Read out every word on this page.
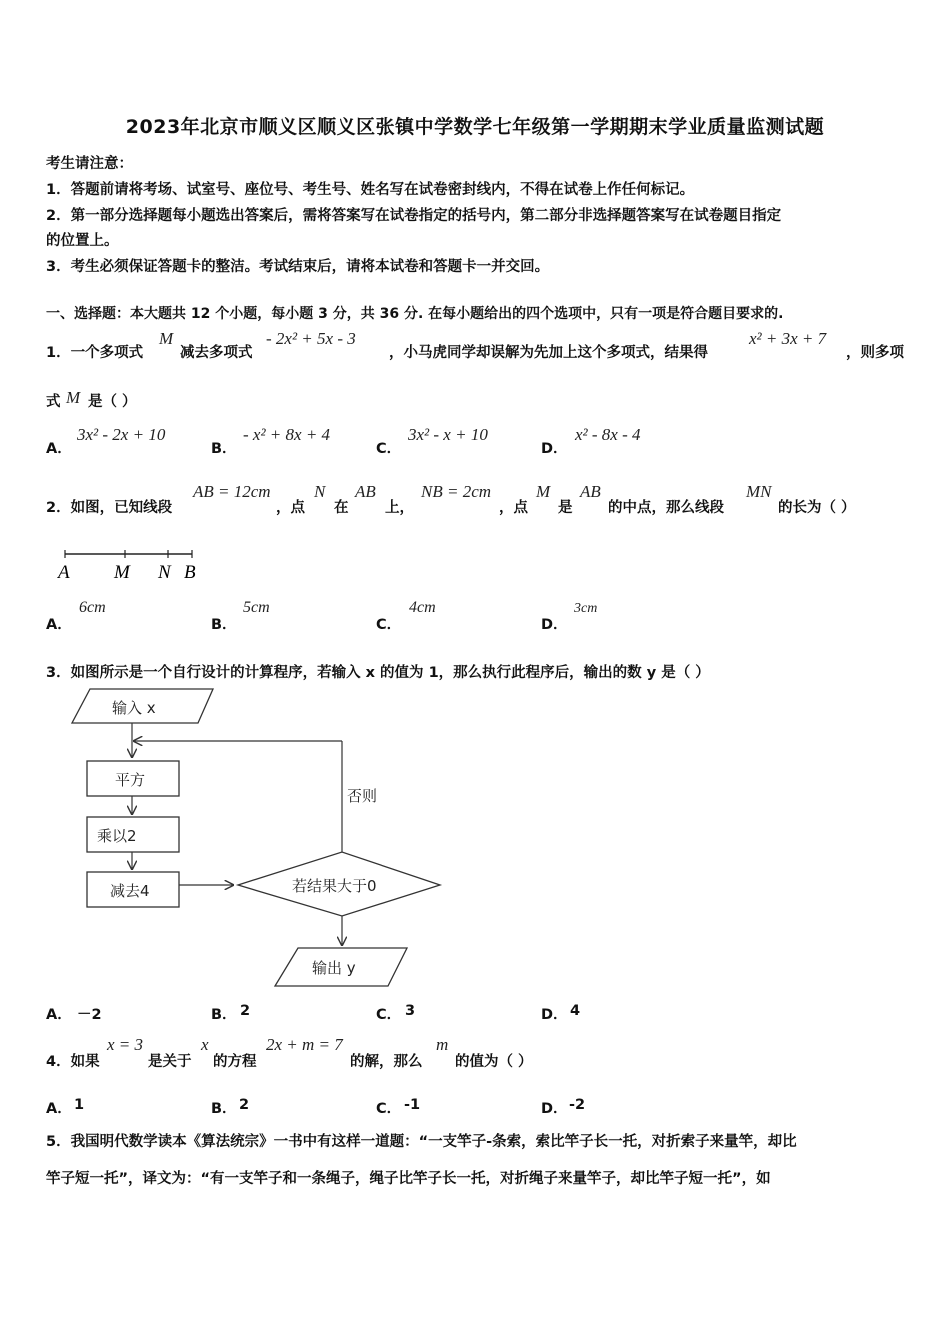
2023年北京市顺义区顺义区张镇中学数学七年级第一学期期末学业质量监测试题
考生请注意：
1．答题前请将考场、试室号、座位号、考生号、姓名写在试卷密封线内，不得在试卷上作任何标记。
2．第一部分选择题每小题选出答案后，需将答案写在试卷指定的括号内，第二部分非选择题答案写在试卷题目指定
的位置上。
3．考生必须保证答题卡的整洁。考试结束后，请将本试卷和答题卡一并交回。
一、选择题：本大题共 12 个小题，每小题 3 分，共 36 分. 在每小题给出的四个选项中，只有一项是符合题目要求的.
1．一个多项式
M
减去多项式
- 2x² + 5x - 3
，小马虎同学却误解为先加上这个多项式，结果得
x² + 3x + 7
，则多项
式 M 是（ ）
A．
3x² - 2x + 10
B．
- x² + 8x + 4
C．
3x² - x + 10
D．
x² - 8x - 4
2．如图，已知线段
AB = 12cm
，点
N
在
AB
上，
NB = 2cm
，点
M
是
AB
的中点，那么线段
MN
的长为（ ）
A M N B
A．
6cm
B．
5cm
C．
4cm
D．
3cm
3．如图所示是一个自行设计的计算程序，若输入 x 的值为 1，那么执行此程序后，输出的数 y 是（ ）
输入 x
平方
乘以2
减去4	若结果大于0
否则
输出 y
A． －2	B． 2	C． 3	D． 4
4．如果
x = 3
是关于
x
的方程
2x + m = 7
的解，那么
m
的值为（ ）
A． 1	B． 2	C． -1	D． -2
5．我国明代数学读本《算法统宗》一书中有这样一道题：“一支竿子-条索，索比竿子长一托，对折索子来量竿，却比
竿子短一托”，译文为：“有一支竿子和一条绳子，绳子比竿子长一托，对折绳子来量竿子，却比竿子短一托”，如
